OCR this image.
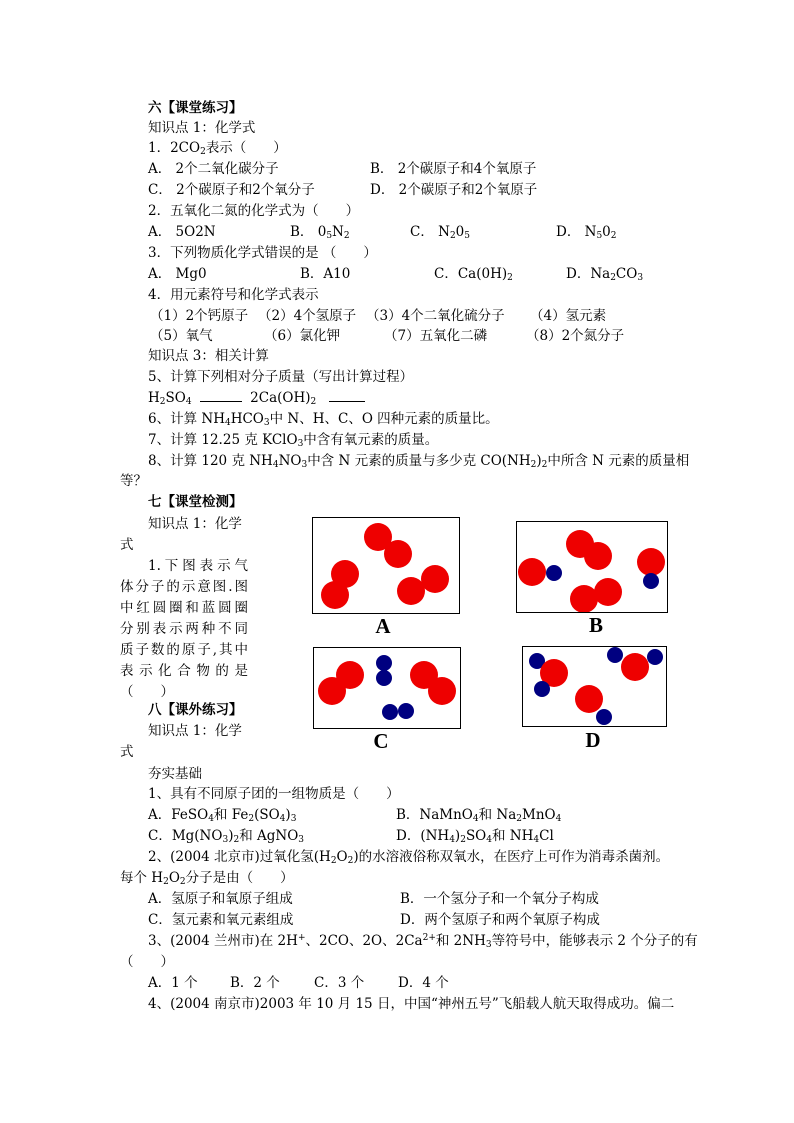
六【课堂练习】
知识点 1：化学式
1．$2CO_2$表示（　　）
A． 2个二氧化碳分子	B． 2个碳原子和4个氧原子
C． 2个碳原子和2个氧分子	D． 2个碳原子和2个氧原子
2．五氧化二氮的化学式为（　　）
A． 5O2N	B． $0_5N_2$	C． $N_20_5$	D． $N_50_2$
3．下列物质化学式错误的是 （　　）
A． Mg0	B．A10	C．$Ca(0H)_2$	D．$Na_2CO_3$
4．用元素符号和化学式表示
（1）2个钙原子 （2）4个氢原子 （3）4个二氧化硫分子 （4）氢元素
（5）氧气	（6）氯化钾	（7）五氧化二磷	（8）2个氮分子
知识点 3：相关计算
5、计算下列相对分子质量（写出计算过程）
$H_2SO_4$	$2Ca(OH)_2$
6、计算 $NH_4HCO_3$中 N、H、C、O 四种元素的质量比。
7、计算 12.25 克 KClO$_3$中含有氧元素的质量。
8、计算 120 克 $NH_4NO_3$中含 N 元素的质量与多少克 $CO(NH_2)_2$中所含 N 元素的质量相
等？
七【课堂检测】
知识点 1：化学
式
1.下图表示气
体分子的示意图.图
中红圆圈和蓝圆圈
分别表示两种不同
质子数的原子,其中
表示化合物的是
（　　）
A	B
C	D
八【课外练习】
知识点 1：化学
式
夯实基础
1、具有不同原子团的一组物质是（　　）
A．FeSO$_4$和 $Fe_2(SO_4)_3$	B．NaMnO$_4$和 $Na_2MnO_4$
C．$Mg(NO_3)_2$和 AgNO$_3$	D．$(NH_4)_2SO_4$和 $NH_4Cl$
2、(2004 北京市)过氧化氢$(H_2O_2)$的水溶液俗称双氧水，在医疗上可作为消毒杀菌剂。
每个 $H_2O_2$分子是由（　　）
A．氢原子和氧原子组成	B．一个氢分子和一个氧分子构成
C．氢元素和氧元素组成	D．两个氢原子和两个氧原子构成
3、(2004 兰州市)在 2H+、2CO、2O、$2Ca^{2+}$和 $2NH_3$等符号中，能够表示 2 个分子的有
（　　）
A．1 个 B．2 个	C．3 个	D．4 个
4、(2004 南京市)2003 年 10 月 15 日，中国“神州五号”飞船载人航天取得成功。偏二
